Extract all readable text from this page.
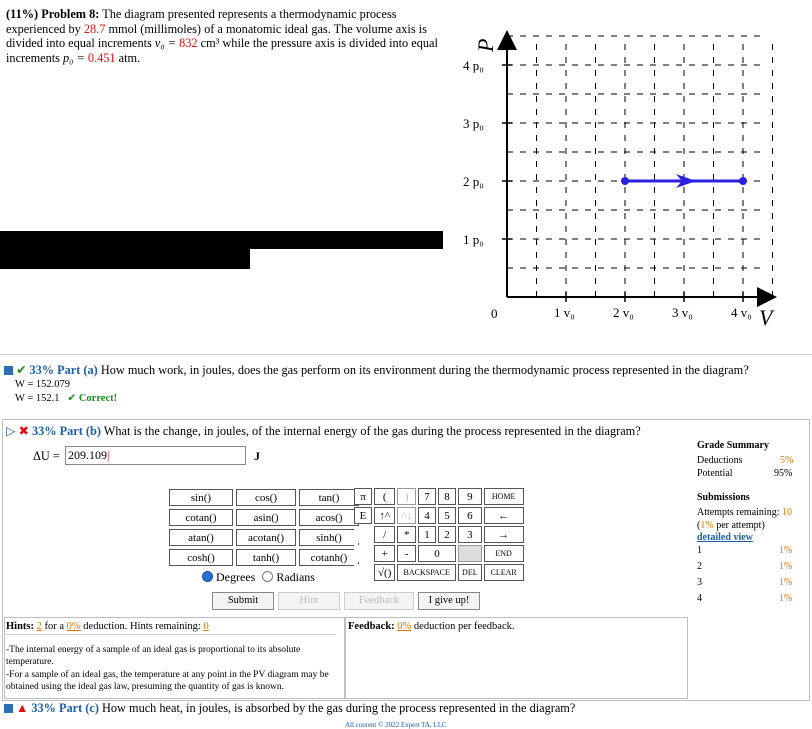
(11%) Problem 8: The diagram presented represents a thermodynamic process experienced by 28.7 mmol (millimoles) of a monatomic ideal gas. The volume axis is divided into equal increments v₀ = 832 cm³ while the pressure axis is divided into equal increments p₀ = 0.451 atm.
P
V
0
4 p₀
3 p₀
2 p₀
1 p₀
1 v₀	2 v₀	3 v₀	4 v₀
✔ 33% Part (a) How much work, in joules, does the gas perform on its environment during the thermodynamic process represented in the diagram?
W = 152.079
W = 152.1 ✔ Correct!
▷ ✖ 33% Part (b) What is the change, in joules, of the internal energy of the gas during the process represented in the diagram?
ΔU = 209.109|	J
sin()	cos()	tan()
cotan()	asin()	acos()
atan()	acotan()	sinh()
cosh()	tanh()	cotanh()
Degrees Radians
π	(	)	7	8	9	HOME
E	↑^	^↓	4	5	6	←
	/	*	1	2	3	→
	+	-	0		.	END
	√()	BACKSPACE			DEL	CLEAR
Submit	Hint	Feedback	I give up!
Grade Summary
Deductions	5%
Potential	95%
Submissions
Attempts remaining: 10
(1% per attempt)
detailed view
1	1%
2	1%
3	1%
4	1%
Hints: 2 for a 0% deduction. Hints remaining: 0
-The internal energy of a sample of an ideal gas is proportional to its absolute temperature.
-For a sample of an ideal gas, the temperature at any point in the PV diagram may be obtained using the ideal gas law, presuming the quantity of gas is known.
Feedback: 0% deduction per feedback.
▲ 33% Part (c) How much heat, in joules, is absorbed by the gas during the process represented in the diagram?
All content © 2022 Expert TA, LLC
